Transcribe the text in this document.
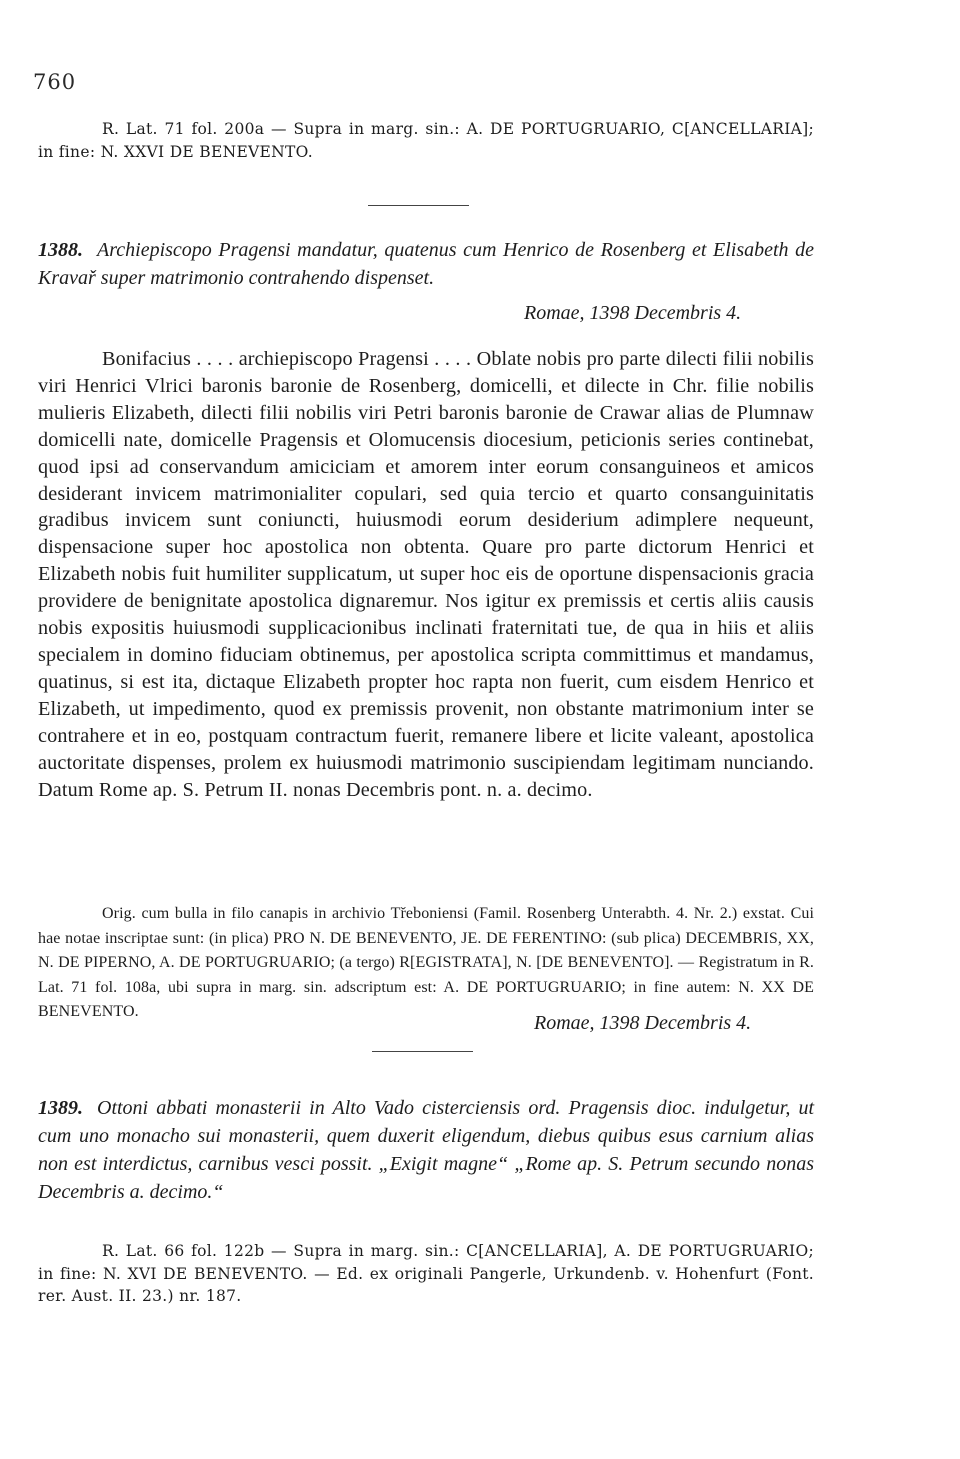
760

R. Lat. 71 fol. 200a — Supra in marg. sin.: A. DE PORTUGRUARIO, C[ANCELLARIA]; in fine: N. XXVI DE BENEVENTO.

1388. Archiepiscopo Pragensi mandatur, quatenus cum Henrico de Rosenberg et Elisabeth de Kravař super matrimonio contrahendo dispenset.

Romae, 1398 Decembris 4.

Bonifacius . . . . archiepiscopo Pragensi . . . . Oblate nobis pro parte dilecti filii nobilis viri Henrici Vlrici baronis baronie de Rosenberg, domicelli, et dilecte in Chr. filie nobilis mulieris Elizabeth, dilecti filii nobilis viri Petri baronis baronie de Crawar alias de Plumnaw domicelli nate, domicelle Pragensis et Olomucensis diocesium, peticionis series continebat, quod ipsi ad conservandum amiciciam et amorem inter eorum consanguineos et amicos desiderant invicem matrimonialiter copulari, sed quia tercio et quarto consanguinitatis gradibus invicem sunt coniuncti, huiusmodi eorum desiderium adimplere nequeunt, dispensacione super hoc apostolica non obtenta. Quare pro parte dictorum Henrici et Elizabeth nobis fuit humiliter supplicatum, ut super hoc eis de oportune dispensacionis gracia providere de benignitate apostolica dignaremur. Nos igitur ex premissis et certis aliis causis nobis expositis huiusmodi supplicacionibus inclinati fraternitati tue, de qua in hiis et aliis specialem in domino fiduciam obtinemus, per apostolica scripta committimus et mandamus, quatinus, si est ita, dictaque Elizabeth propter hoc rapta non fuerit, cum eisdem Henrico et Elizabeth, ut impedimento, quod ex premissis provenit, non obstante matrimonium inter se contrahere et in eo, postquam contractum fuerit, remanere libere et licite valeant, apostolica auctoritate dispenses, prolem ex huiusmodi matrimonio suscipiendam legitimam nunciando. Datum Rome ap. S. Petrum II. nonas Decembris pont. n. a. decimo.

Orig. cum bulla in filo canapis in archivio Třeboniensi (Famil. Rosenberg Unterabth. 4. Nr. 2.) exstat. Cui hae notae inscriptae sunt: (in plica) PRO N. DE BENEVENTO, JE. DE FERENTINO: (sub plica) DECEMBRIS, XX, N. DE PIPERNO, A. DE PORTUGRUARIO; (a tergo) R[EGISTRATA], N. [DE BENEVENTO]. — Registratum in R. Lat. 71 fol. 108a, ubi supra in marg. sin. adscriptum est: A. DE PORTUGRUARIO; in fine autem: N. XX DE BENEVENTO.

1389. Ottoni abbati monasterii in Alto Vado cisterciensis ord. Pragensis dioc. indulgetur, ut cum uno monacho sui monasterii, quem duxerit eligendum, diebus quibus esus carnium alias non est interdictus, carnibus vesci possit. „Exigit magne“ „Rome ap. S. Petrum secundo nonas Decembris a. decimo.“

Romae, 1398 Decembris 4.

R. Lat. 66 fol. 122b — Supra in marg. sin.: C[ANCELLARIA], A. DE PORTUGRUARIO; in fine: N. XVI DE BENEVENTO. — Ed. ex originali Pangerle, Urkundenb. v. Hohenfurt (Font. rer. Aust. II. 23.) nr. 187.
